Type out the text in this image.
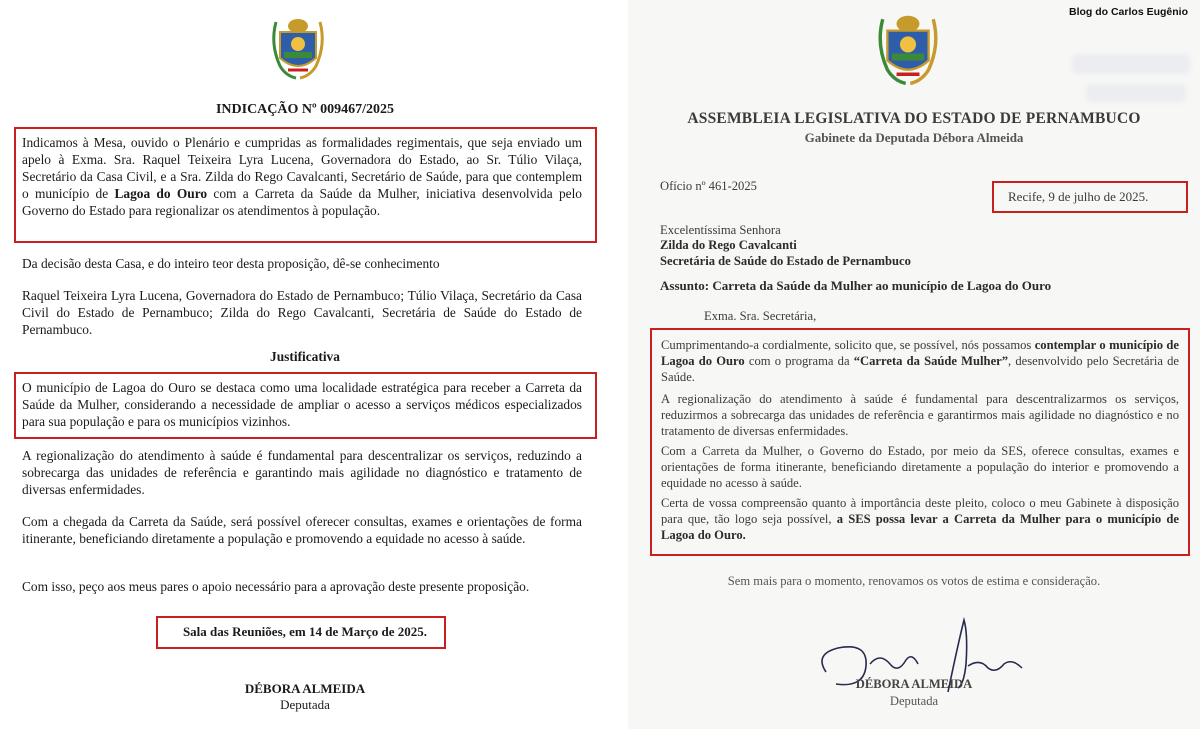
INDICAÇÃO Nº 009467/2025

Indicamos à Mesa, ouvido o Plenário e cumpridas as formalidades regimentais, que seja enviado um apelo à Exma. Sra. Raquel Teixeira Lyra Lucena, Governadora do Estado, ao Sr. Túlio Vilaça, Secretário da Casa Civil, e a Sra. Zilda do Rego Cavalcanti, Secretário de Saúde, para que contemplem o município de Lagoa do Ouro com a Carreta da Saúde da Mulher, iniciativa desenvolvida pelo Governo do Estado para regionalizar os atendimentos à população.

Da decisão desta Casa, e do inteiro teor desta proposição, dê-se conhecimento

Raquel Teixeira Lyra Lucena, Governadora do Estado de Pernambuco; Túlio Vilaça, Secretário da Casa Civil do Estado de Pernambuco; Zilda do Rego Cavalcanti, Secretária de Saúde do Estado de Pernambuco.

Justificativa

O município de Lagoa do Ouro se destaca como uma localidade estratégica para receber a Carreta da Saúde da Mulher, considerando a necessidade de ampliar o acesso a serviços médicos especializados para sua população e para os municípios vizinhos.

A regionalização do atendimento à saúde é fundamental para descentralizar os serviços, reduzindo a sobrecarga das unidades de referência e garantindo mais agilidade no diagnóstico e tratamento de diversas enfermidades.

Com a chegada da Carreta da Saúde, será possível oferecer consultas, exames e orientações de forma itinerante, beneficiando diretamente a população e promovendo a equidade no acesso à saúde.

Com isso, peço aos meus pares o apoio necessário para a aprovação deste presente proposição.

Sala das Reuniões, em 14 de Março de 2025.
DÉBORA ALMEIDA
Deputada
ASSEMBLEIA LEGISLATIVA DO ESTADO DE PERNAMBUCO
Gabinete da Deputada Débora Almeida
Ofício nº 461-2025
Recife, 9 de julho de 2025.
Excelentíssima Senhora
Zilda do Rego Cavalcanti
Secretária de Saúde do Estado de Pernambuco
Assunto: Carreta da Saúde da Mulher ao município de Lagoa do Ouro
Exma. Sra. Secretária,

Cumprimentando-a cordialmente, solicito que, se possível, nós possamos contemplar o município de Lagoa do Ouro com o programa da “Carreta da Saúde Mulher”, desenvolvido pelo Secretária de Saúde.

A regionalização do atendimento à saúde é fundamental para descentralizarmos os serviços, reduzirmos a sobrecarga das unidades de referência e garantirmos mais agilidade no diagnóstico e no tratamento de diversas enfermidades.

Com a Carreta da Mulher, o Governo do Estado, por meio da SES, oferece consultas, exames e orientações de forma itinerante, beneficiando diretamente a população do interior e promovendo a equidade no acesso à saúde.

Certa de vossa compreensão quanto à importância deste pleito, coloco o meu Gabinete à disposição para que, tão logo seja possível, a SES possa levar a Carreta da Mulher para o município de Lagoa do Ouro.

Sem mais para o momento, renovamos os votos de estima e consideração.
DÉBORA ALMEIDA
Deputada
Blog do Carlos Eugênio
